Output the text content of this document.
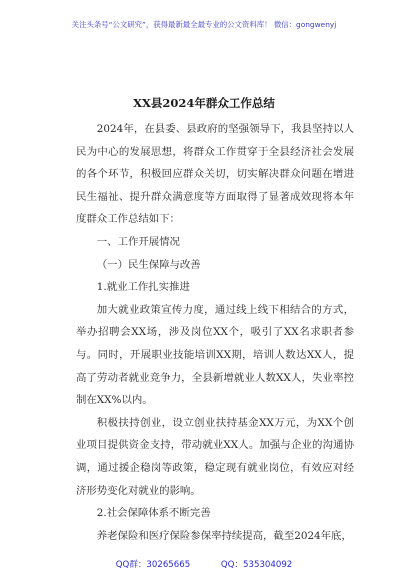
关注头条号“公文研究”，获得最新最全最专业的公文资料库！ 微信：gongwenyj
XX县2024年群众工作总结

2024年，在县委、县政府的坚强领导下，我县坚持以人民为中心的发展思想，将群众工作贯穿于全县经济社会发展的各个环节，积极回应群众关切，切实解决群众问题在增进民生福祉、提升群众满意度等方面取得了显著成效现将本年度群众工作总结如下：

一、工作开展情况

（一）民生保障与改善

1.就业工作扎实推进

加大就业政策宣传力度，通过线上线下相结合的方式，举办招聘会XX场，涉及岗位XX个，吸引了XX名求职者参与。同时，开展职业技能培训XX期，培训人数达XX人，提高了劳动者就业竞争力，全县新增就业人数XX人，失业率控制在XX%以内。

积极扶持创业，设立创业扶持基金XX万元，为XX个创业项目提供资金支持，带动就业XX人。加强与企业的沟通协调，通过援企稳岗等政策，稳定现有就业岗位，有效应对经济形势变化对就业的影响。

2.社会保障体系不断完善

养老保险和医疗保险参保率持续提高，截至2024年底，

QQ群：30265665	QQ：535304092
